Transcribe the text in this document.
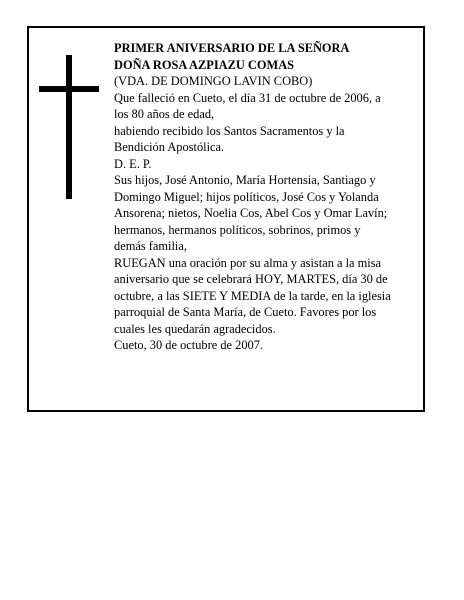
PRIMER ANIVERSARIO DE LA SEÑORA
DOÑA ROSA AZPIAZU COMAS
(VDA. DE DOMINGO LAVIN COBO)
Que falleció en Cueto, el día 31 de octubre de 2006, a
los 80 años de edad,
habiendo recibido los Santos Sacramentos y la
Bendición Apostólica.
D. E. P.
Sus hijos, José Antonio, María Hortensia, Santiago y
Domingo Miguel; hijos políticos, José Cos y Yolanda
Ansorena; nietos, Noelia Cos, Abel Cos y Omar Lavín;
hermanos, hermanos políticos, sobrinos, primos y
demás familia,
RUEGAN una oración por su alma y asistan a la misa
aniversario que se celebrará HOY, MARTES, día 30 de
octubre, a las SIETE Y MEDIA de la tarde, en la iglesia
parroquial de Santa María, de Cueto. Favores por los
cuales les quedarán agradecidos.
Cueto, 30 de octubre de 2007.
